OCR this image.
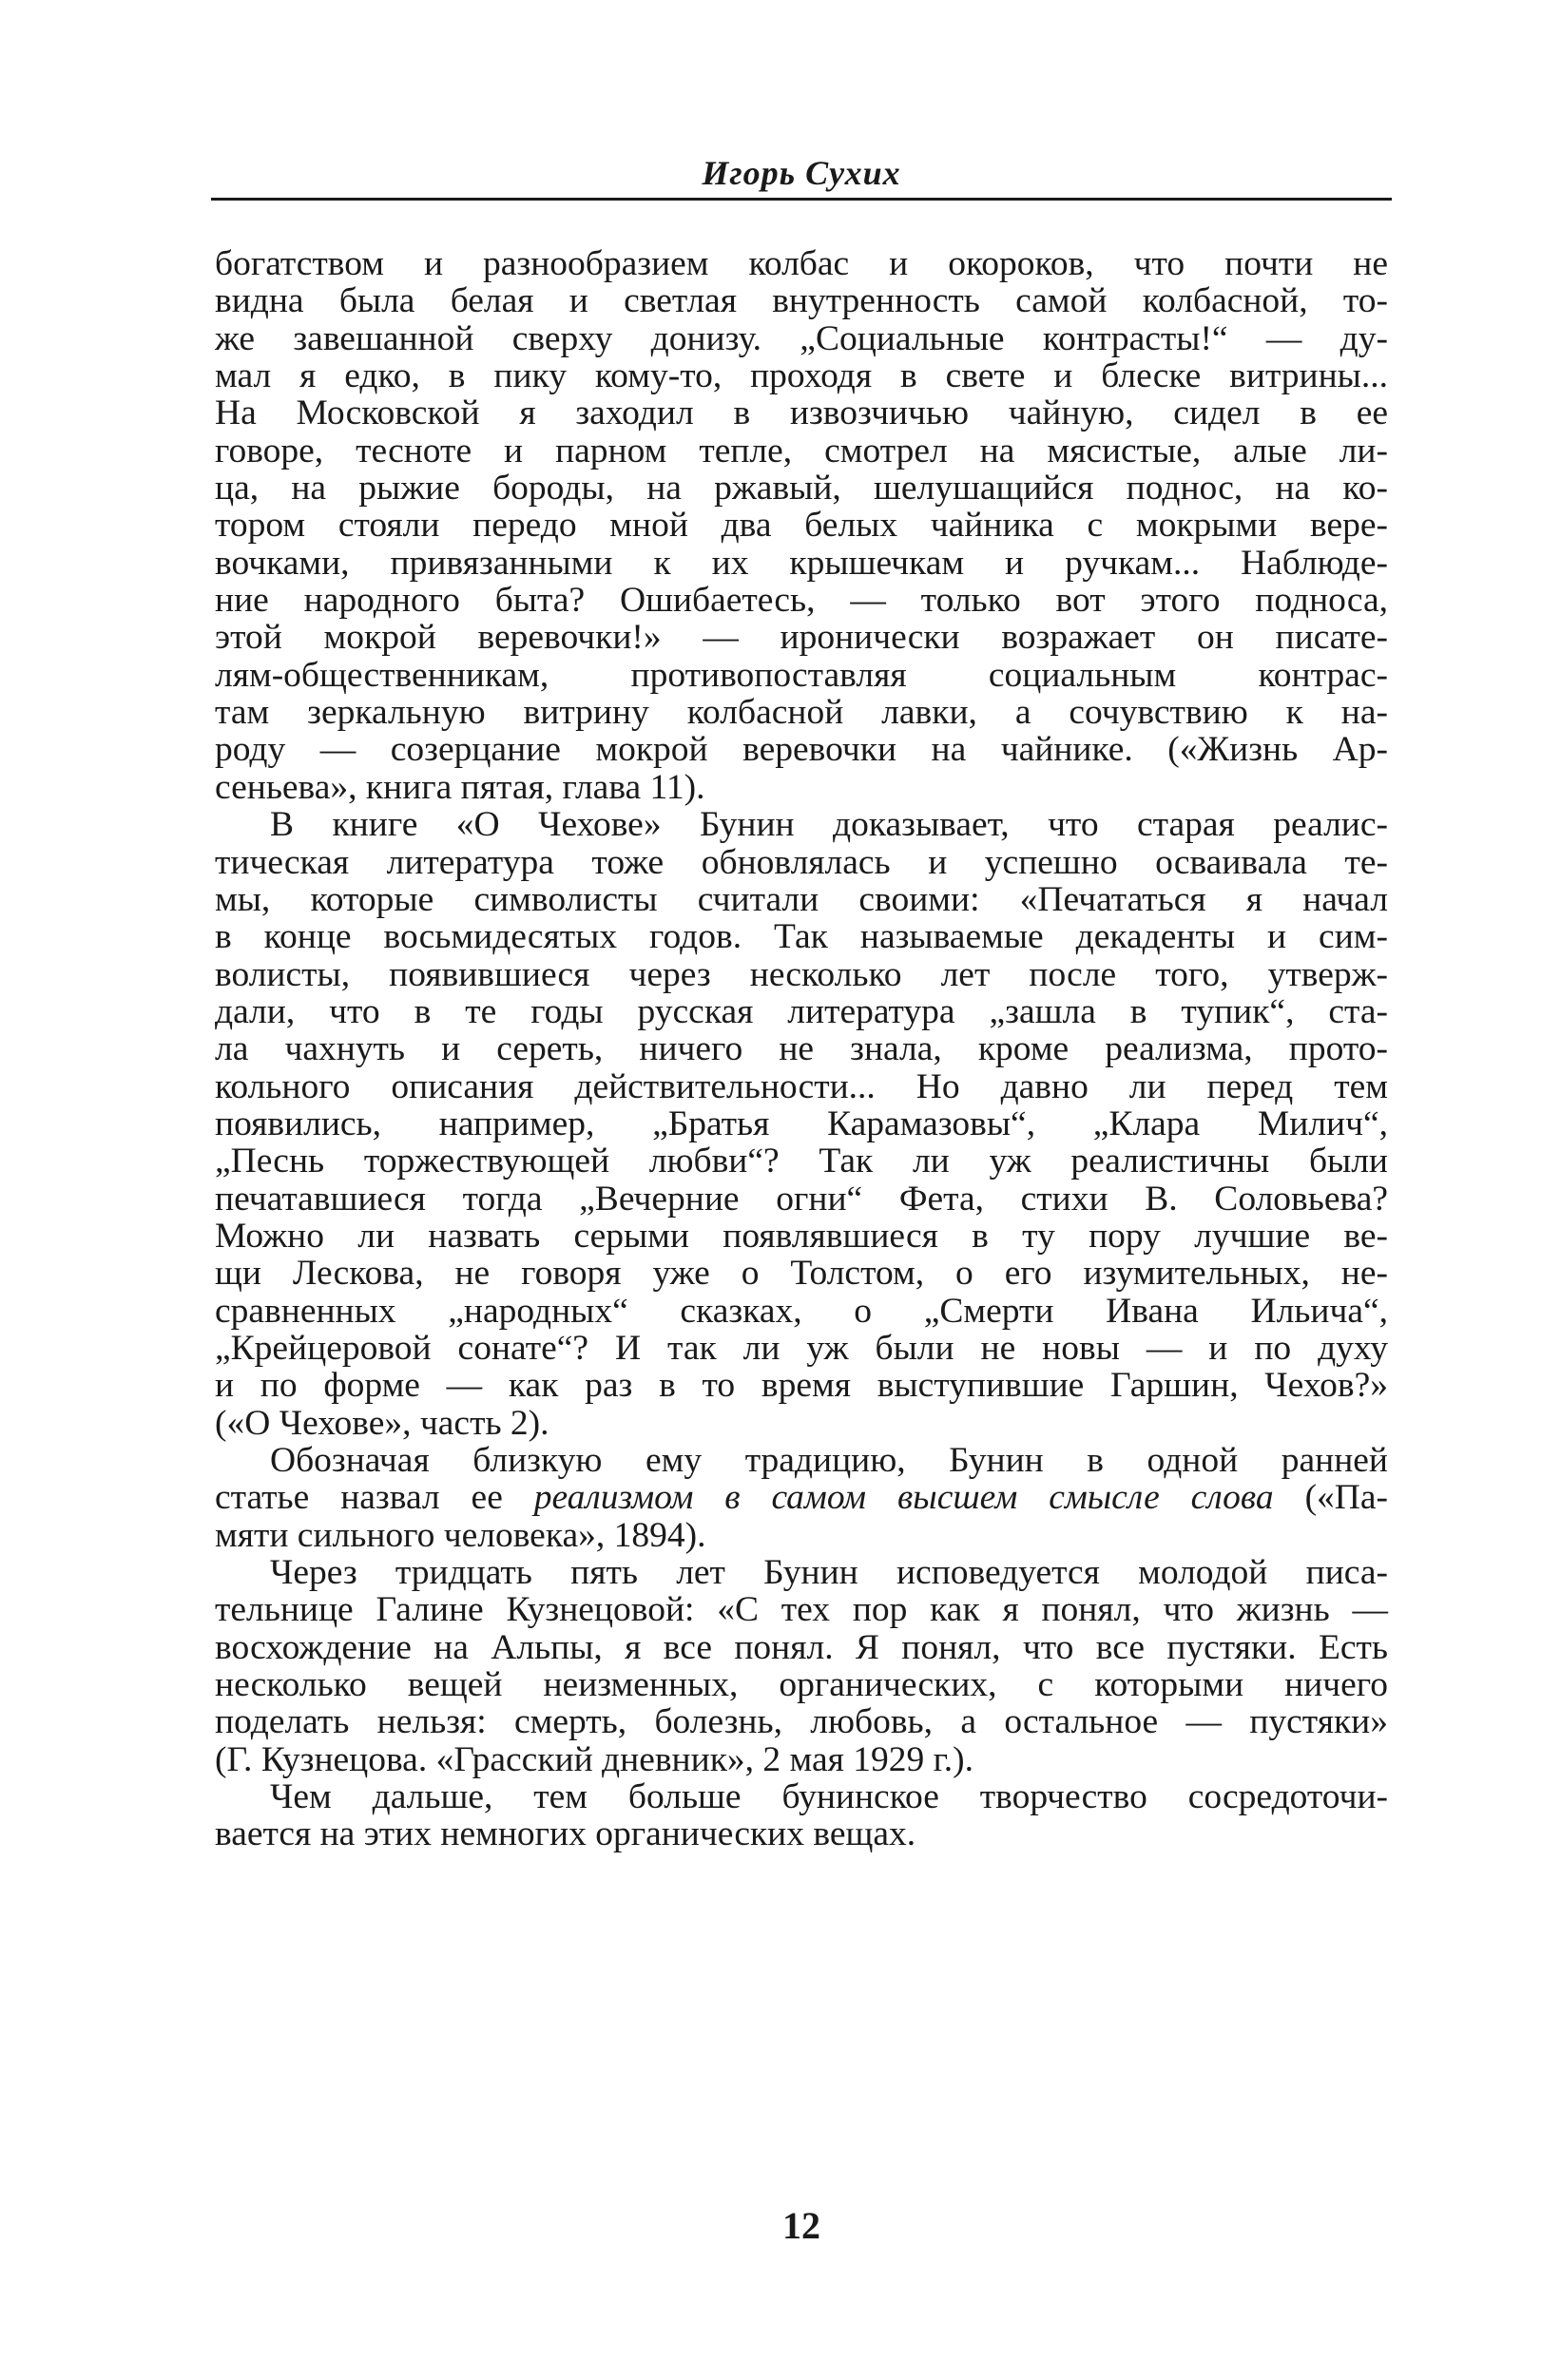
Игорь Сухих
богатством и разнообразием колбас и окороков, что почти не
видна была белая и светлая внутренность самой колбасной, то-
же завешанной сверху донизу. „Социальные контрасты!“ — ду-
мал я едко, в пику кому-то, проходя в свете и блеске витрины...
На Московской я заходил в извозчичью чайную, сидел в ее
говоре, тесноте и парном тепле, смотрел на мясистые, алые ли-
ца, на рыжие бороды, на ржавый, шелушащийся поднос, на ко-
тором стояли передо мной два белых чайника с мокрыми вере-
вочками, привязанными к их крышечкам и ручкам... Наблюде-
ние народного быта? Ошибаетесь, — только вот этого подноса,
этой мокрой веревочки!» — иронически возражает он писате-
лям-общественникам, противопоставляя социальным контрас-
там зеркальную витрину колбасной лавки, а сочувствию к на-
роду — созерцание мокрой веревочки на чайнике. («Жизнь Ар-
сеньева», книга пятая, глава 11).
В книге «О Чехове» Бунин доказывает, что старая реалис-
тическая литература тоже обновлялась и успешно осваивала те-
мы, которые символисты считали своими: «Печататься я начал
в конце восьмидесятых годов. Так называемые декаденты и сим-
волисты, появившиеся через несколько лет после того, утверж-
дали, что в те годы русская литература „зашла в тупик“, ста-
ла чахнуть и сереть, ничего не знала, кроме реализма, прото-
кольного описания действительности... Но давно ли перед тем
появились, например, „Братья Карамазовы“, „Клара Милич“,
„Песнь торжествующей любви“? Так ли уж реалистичны были
печатавшиеся тогда „Вечерние огни“ Фета, стихи В. Соловьева?
Можно ли назвать серыми появлявшиеся в ту пору лучшие ве-
щи Лескова, не говоря уже о Толстом, о его изумительных, не-
сравненных „народных“ сказках, о „Смерти Ивана Ильича“,
„Крейцеровой сонате“? И так ли уж были не новы — и по духу
и по форме — как раз в то время выступившие Гаршин, Чехов?»
(«О Чехове», часть 2).
Обозначая близкую ему традицию, Бунин в одной ранней
статье назвал ее реализмом в самом высшем смысле слова («Па-
мяти сильного человека», 1894).
Через тридцать пять лет Бунин исповедуется молодой писа-
тельнице Галине Кузнецовой: «С тех пор как я понял, что жизнь —
восхождение на Альпы, я все понял. Я понял, что все пустяки. Есть
несколько вещей неизменных, органических, с которыми ничего
поделать нельзя: смерть, болезнь, любовь, а остальное — пустяки»
(Г. Кузнецова. «Грасский дневник», 2 мая 1929 г.).
Чем дальше, тем больше бунинское творчество сосредоточи-
вается на этих немногих органических вещах.
12
